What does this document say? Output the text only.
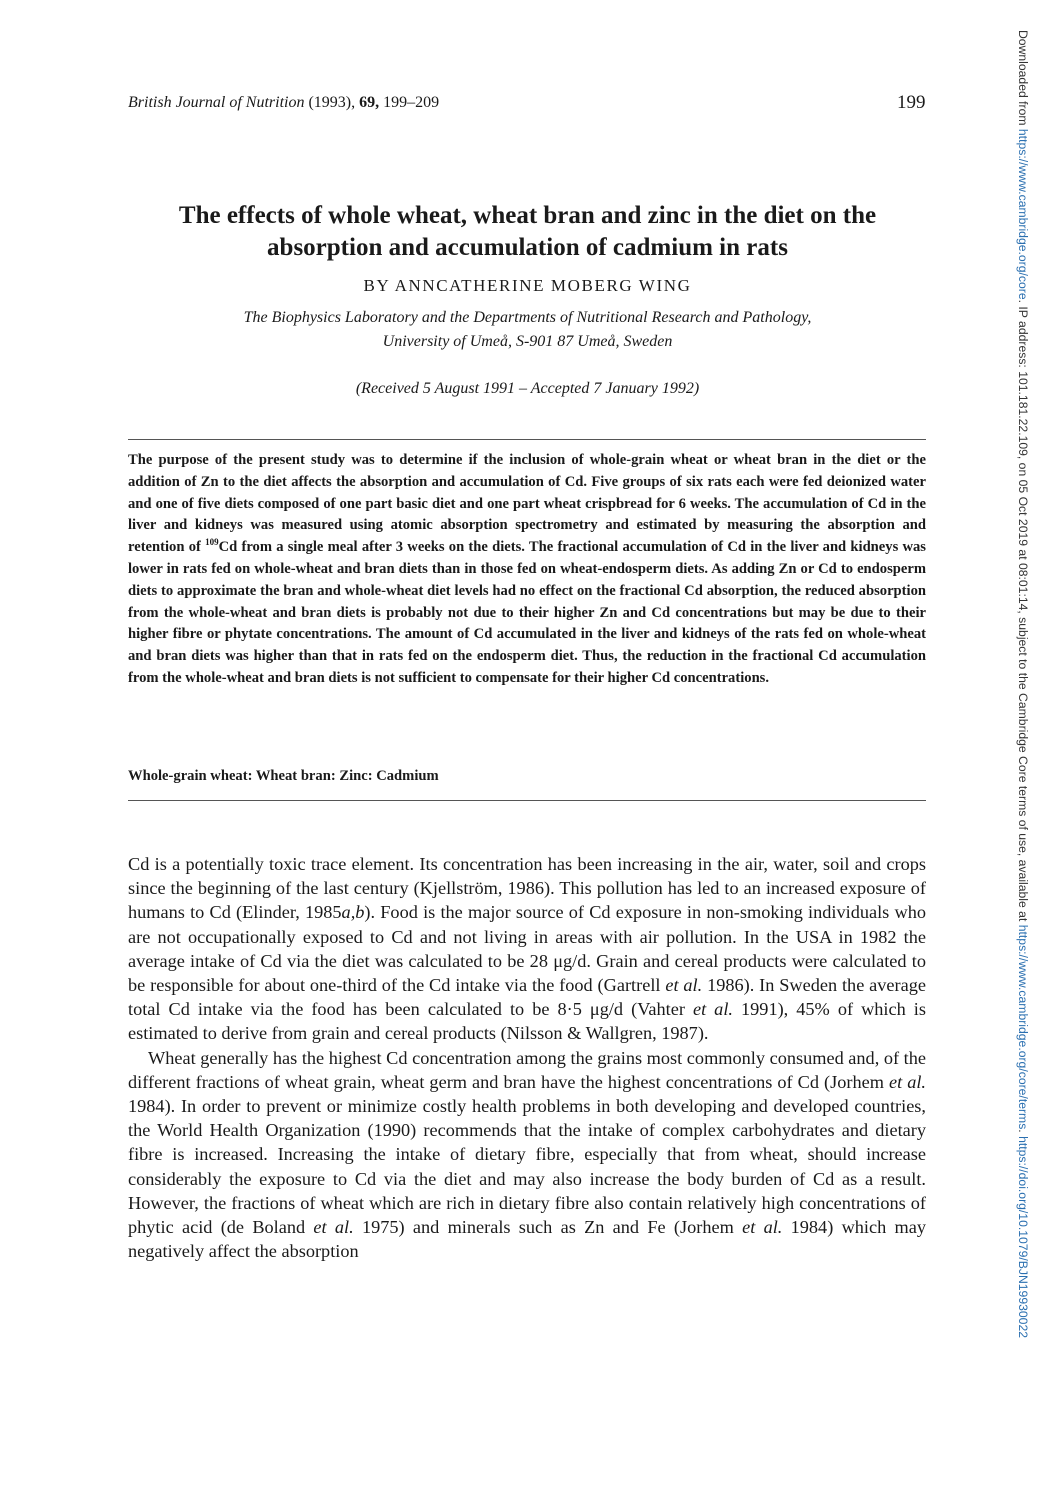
British Journal of Nutrition (1993), 69, 199–209	199
The effects of whole wheat, wheat bran and zinc in the diet on the absorption and accumulation of cadmium in rats
BY ANNCATHERINE MOBERG WING
The Biophysics Laboratory and the Departments of Nutritional Research and Pathology,
University of Umeå, S-901 87 Umeå, Sweden
(Received 5 August 1991 – Accepted 7 January 1992)
The purpose of the present study was to determine if the inclusion of whole-grain wheat or wheat bran in the diet or the addition of Zn to the diet affects the absorption and accumulation of Cd. Five groups of six rats each were fed deionized water and one of five diets composed of one part basic diet and one part wheat crispbread for 6 weeks. The accumulation of Cd in the liver and kidneys was measured using atomic absorption spectrometry and estimated by measuring the absorption and retention of $^{109}$Cd from a single meal after 3 weeks on the diets. The fractional accumulation of Cd in the liver and kidneys was lower in rats fed on whole-wheat and bran diets than in those fed on wheat-endosperm diets. As adding Zn or Cd to endosperm diets to approximate the bran and whole-wheat diet levels had no effect on the fractional Cd absorption, the reduced absorption from the whole-wheat and bran diets is probably not due to their higher Zn and Cd concentrations but may be due to their higher fibre or phytate concentrations. The amount of Cd accumulated in the liver and kidneys of the rats fed on whole-wheat and bran diets was higher than that in rats fed on the endosperm diet. Thus, the reduction in the fractional Cd accumulation from the whole-wheat and bran diets is not sufficient to compensate for their higher Cd concentrations.
Whole-grain wheat: Wheat bran: Zinc: Cadmium

Cd is a potentially toxic trace element. Its concentration has been increasing in the air, water, soil and crops since the beginning of the last century (Kjellström, 1986). This pollution has led to an increased exposure of humans to Cd (Elinder, 1985a,b). Food is the major source of Cd exposure in non-smoking individuals who are not occupationally exposed to Cd and not living in areas with air pollution. In the USA in 1982 the average intake of Cd via the diet was calculated to be 28 μg/d. Grain and cereal products were calculated to be responsible for about one-third of the Cd intake via the food (Gartrell et al. 1986). In Sweden the average total Cd intake via the food has been calculated to be 8·5 μg/d (Vahter et al. 1991), 45% of which is estimated to derive from grain and cereal products (Nilsson & Wallgren, 1987).

Wheat generally has the highest Cd concentration among the grains most commonly consumed and, of the different fractions of wheat grain, wheat germ and bran have the highest concentrations of Cd (Jorhem et al. 1984). In order to prevent or minimize costly health problems in both developing and developed countries, the World Health Organization (1990) recommends that the intake of complex carbohydrates and dietary fibre is increased. Increasing the intake of dietary fibre, especially that from wheat, should increase considerably the exposure to Cd via the diet and may also increase the body burden of Cd as a result. However, the fractions of wheat which are rich in dietary fibre also contain relatively high concentrations of phytic acid (de Boland et al. 1975) and minerals such as Zn and Fe (Jorhem et al. 1984) which may negatively affect the absorption

Downloaded from https://www.cambridge.org/core. IP address: 101.181.22.109, on 05 Oct 2019 at 08:01:14, subject to the Cambridge Core terms of use, available at https://www.cambridge.org/core/terms. https://doi.org/10.1079/BJN19930022
